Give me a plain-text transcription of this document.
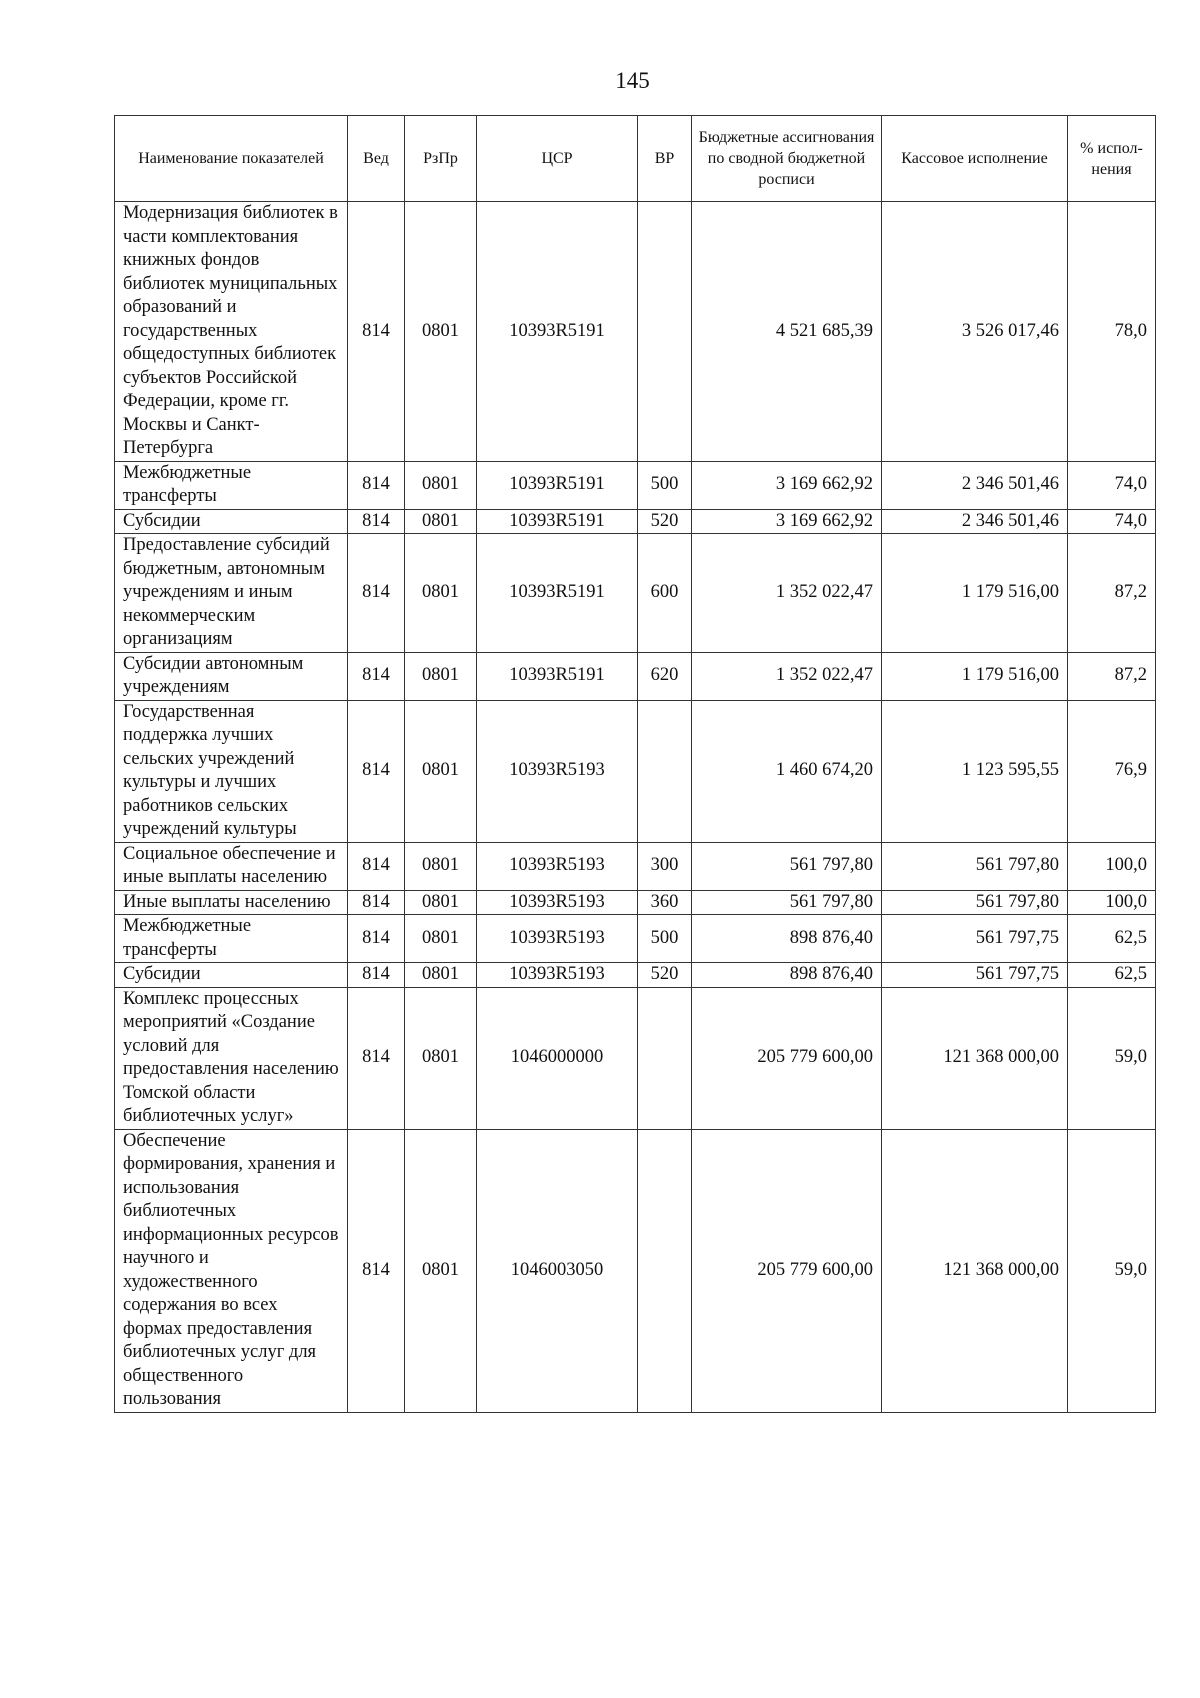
145
Наименование показателей	Вед	РзПр	ЦСР	ВР	Бюджетные ассигнования по сводной бюджетной росписи	Кассовое исполнение	% испол-нения
Модернизация библиотек в части комплектования книжных фондов библиотек муниципальных образований и государственных общедоступных библиотек субъектов Российской Федерации, кроме гг. Москвы и Санкт-Петербурга	814	0801	10393R5191		4 521 685,39	3 526 017,46	78,0
Межбюджетные трансферты	814	0801	10393R5191	500	3 169 662,92	2 346 501,46	74,0
Субсидии	814	0801	10393R5191	520	3 169 662,92	2 346 501,46	74,0
Предоставление субсидий бюджетным, автономным учреждениям и иным некоммерческим организациям	814	0801	10393R5191	600	1 352 022,47	1 179 516,00	87,2
Субсидии автономным учреждениям	814	0801	10393R5191	620	1 352 022,47	1 179 516,00	87,2
Государственная поддержка лучших сельских учреждений культуры и лучших работников сельских учреждений культуры	814	0801	10393R5193		1 460 674,20	1 123 595,55	76,9
Социальное обеспечение и иные выплаты населению	814	0801	10393R5193	300	561 797,80	561 797,80	100,0
Иные выплаты населению	814	0801	10393R5193	360	561 797,80	561 797,80	100,0
Межбюджетные трансферты	814	0801	10393R5193	500	898 876,40	561 797,75	62,5
Субсидии	814	0801	10393R5193	520	898 876,40	561 797,75	62,5
Комплекс процессных мероприятий «Создание условий для предоставления населению Томской области библиотечных услуг»	814	0801	1046000000		205 779 600,00	121 368 000,00	59,0
Обеспечение формирования, хранения и использования библиотечных информационных ресурсов научного и художественного содержания во всех формах предоставления библиотечных услуг для общественного пользования	814	0801	1046003050		205 779 600,00	121 368 000,00	59,0
